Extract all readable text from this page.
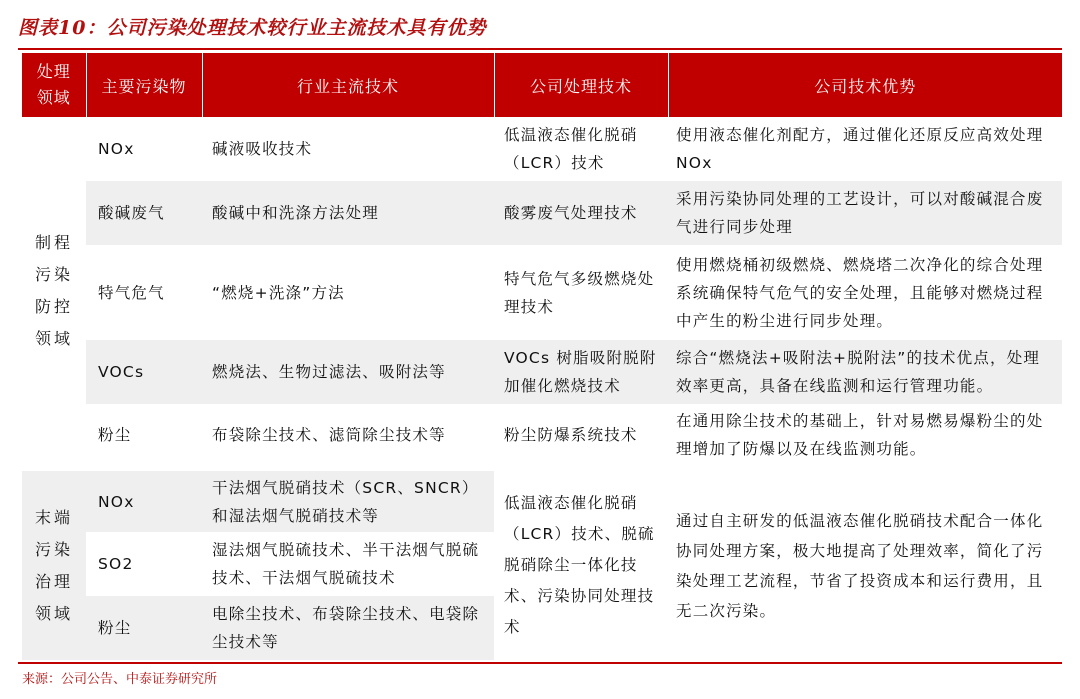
图表10：公司污染处理技术较行业主流技术具有优势
处理领域	主要污染物	行业主流技术	公司处理技术	公司技术优势

制程
污染
防控
领域	NOx	碱液吸收技术	低温液态催化脱硝（LCR）技术	使用液态催化剂配方，通过催化还原反应高效处理 NOx
	酸碱废气	酸碱中和洗涤方法处理	酸雾废气处理技术	采用污染协同处理的工艺设计，可以对酸碱混合废气进行同步处理
	特气危气	“燃烧+洗涤”方法	特气危气多级燃烧处理技术	使用燃烧桶初级燃烧、燃烧塔二次净化的综合处理系统确保特气危气的安全处理，且能够对燃烧过程中产生的粉尘进行同步处理。
	VOCs	燃烧法、生物过滤法、吸附法等	VOCs 树脂吸附脱附加催化燃烧技术	综合“燃烧法+吸附法+脱附法”的技术优点，处理效率更高，具备在线监测和运行管理功能。
	粉尘	布袋除尘技术、滤筒除尘技术等	粉尘防爆系统技术	在通用除尘技术的基础上，针对易燃易爆粉尘的处理增加了防爆以及在线监测功能。

末端
污染
治理
领域	NOx	干法烟气脱硝技术（SCR、SNCR）和湿法烟气脱硝技术等	低温液态催化脱硝（LCR）技术、脱硫脱硝除尘一体化技术、污染协同处理技术	通过自主研发的低温液态催化脱硝技术配合一体化协同处理方案，极大地提高了处理效率，简化了污染处理工艺流程，节省了投资成本和运行费用，且无二次污染。
	SO2	湿法烟气脱硫技术、半干法烟气脱硫技术、干法烟气脱硫技术		
	粉尘	电除尘技术、布袋除尘技术、电袋除尘技术等		
来源：公司公告、中泰证券研究所
